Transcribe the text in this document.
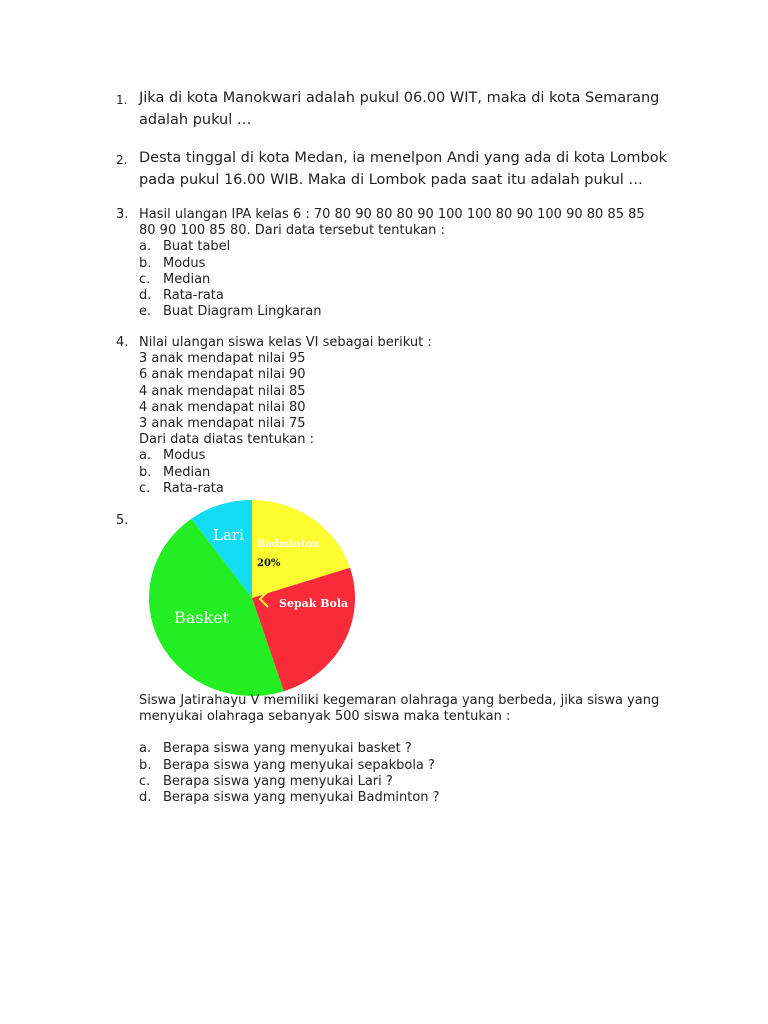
1. Jika di kota Manokwari adalah pukul 06.00 WIT, maka di kota Semarang
adalah pukul …
2. Desta tinggal di kota Medan, ia menelpon Andi yang ada di kota Lombok
pada pukul 16.00 WIB. Maka di Lombok pada saat itu adalah pukul …
3. Hasil ulangan IPA kelas 6 : 70 80 90 80 80 90 100 100 80 90 100 90 80 85 85
80 90 100 85 80. Dari data tersebut tentukan :
a. Buat tabel
b. Modus
c. Median
d. Rata-rata
e. Buat Diagram Lingkaran
4. Nilai ulangan siswa kelas VI sebagai berikut :
3 anak mendapat nilai 95
6 anak mendapat nilai 90
4 anak mendapat nilai 85
4 anak mendapat nilai 80
3 anak mendapat nilai 75
Dari data diatas tentukan :
a. Modus
b. Median
c. Rata-rata
5.
Lari
Badminton
20%
Sepak Bola
Basket
Siswa Jatirahayu V memiliki kegemaran olahraga yang berbeda, jika siswa yang
menyukai olahraga sebanyak 500 siswa maka tentukan :
a. Berapa siswa yang menyukai basket ?
b. Berapa siswa yang menyukai sepakbola ?
c. Berapa siswa yang menyukai Lari ?
d. Berapa siswa yang menyukai Badminton ?
